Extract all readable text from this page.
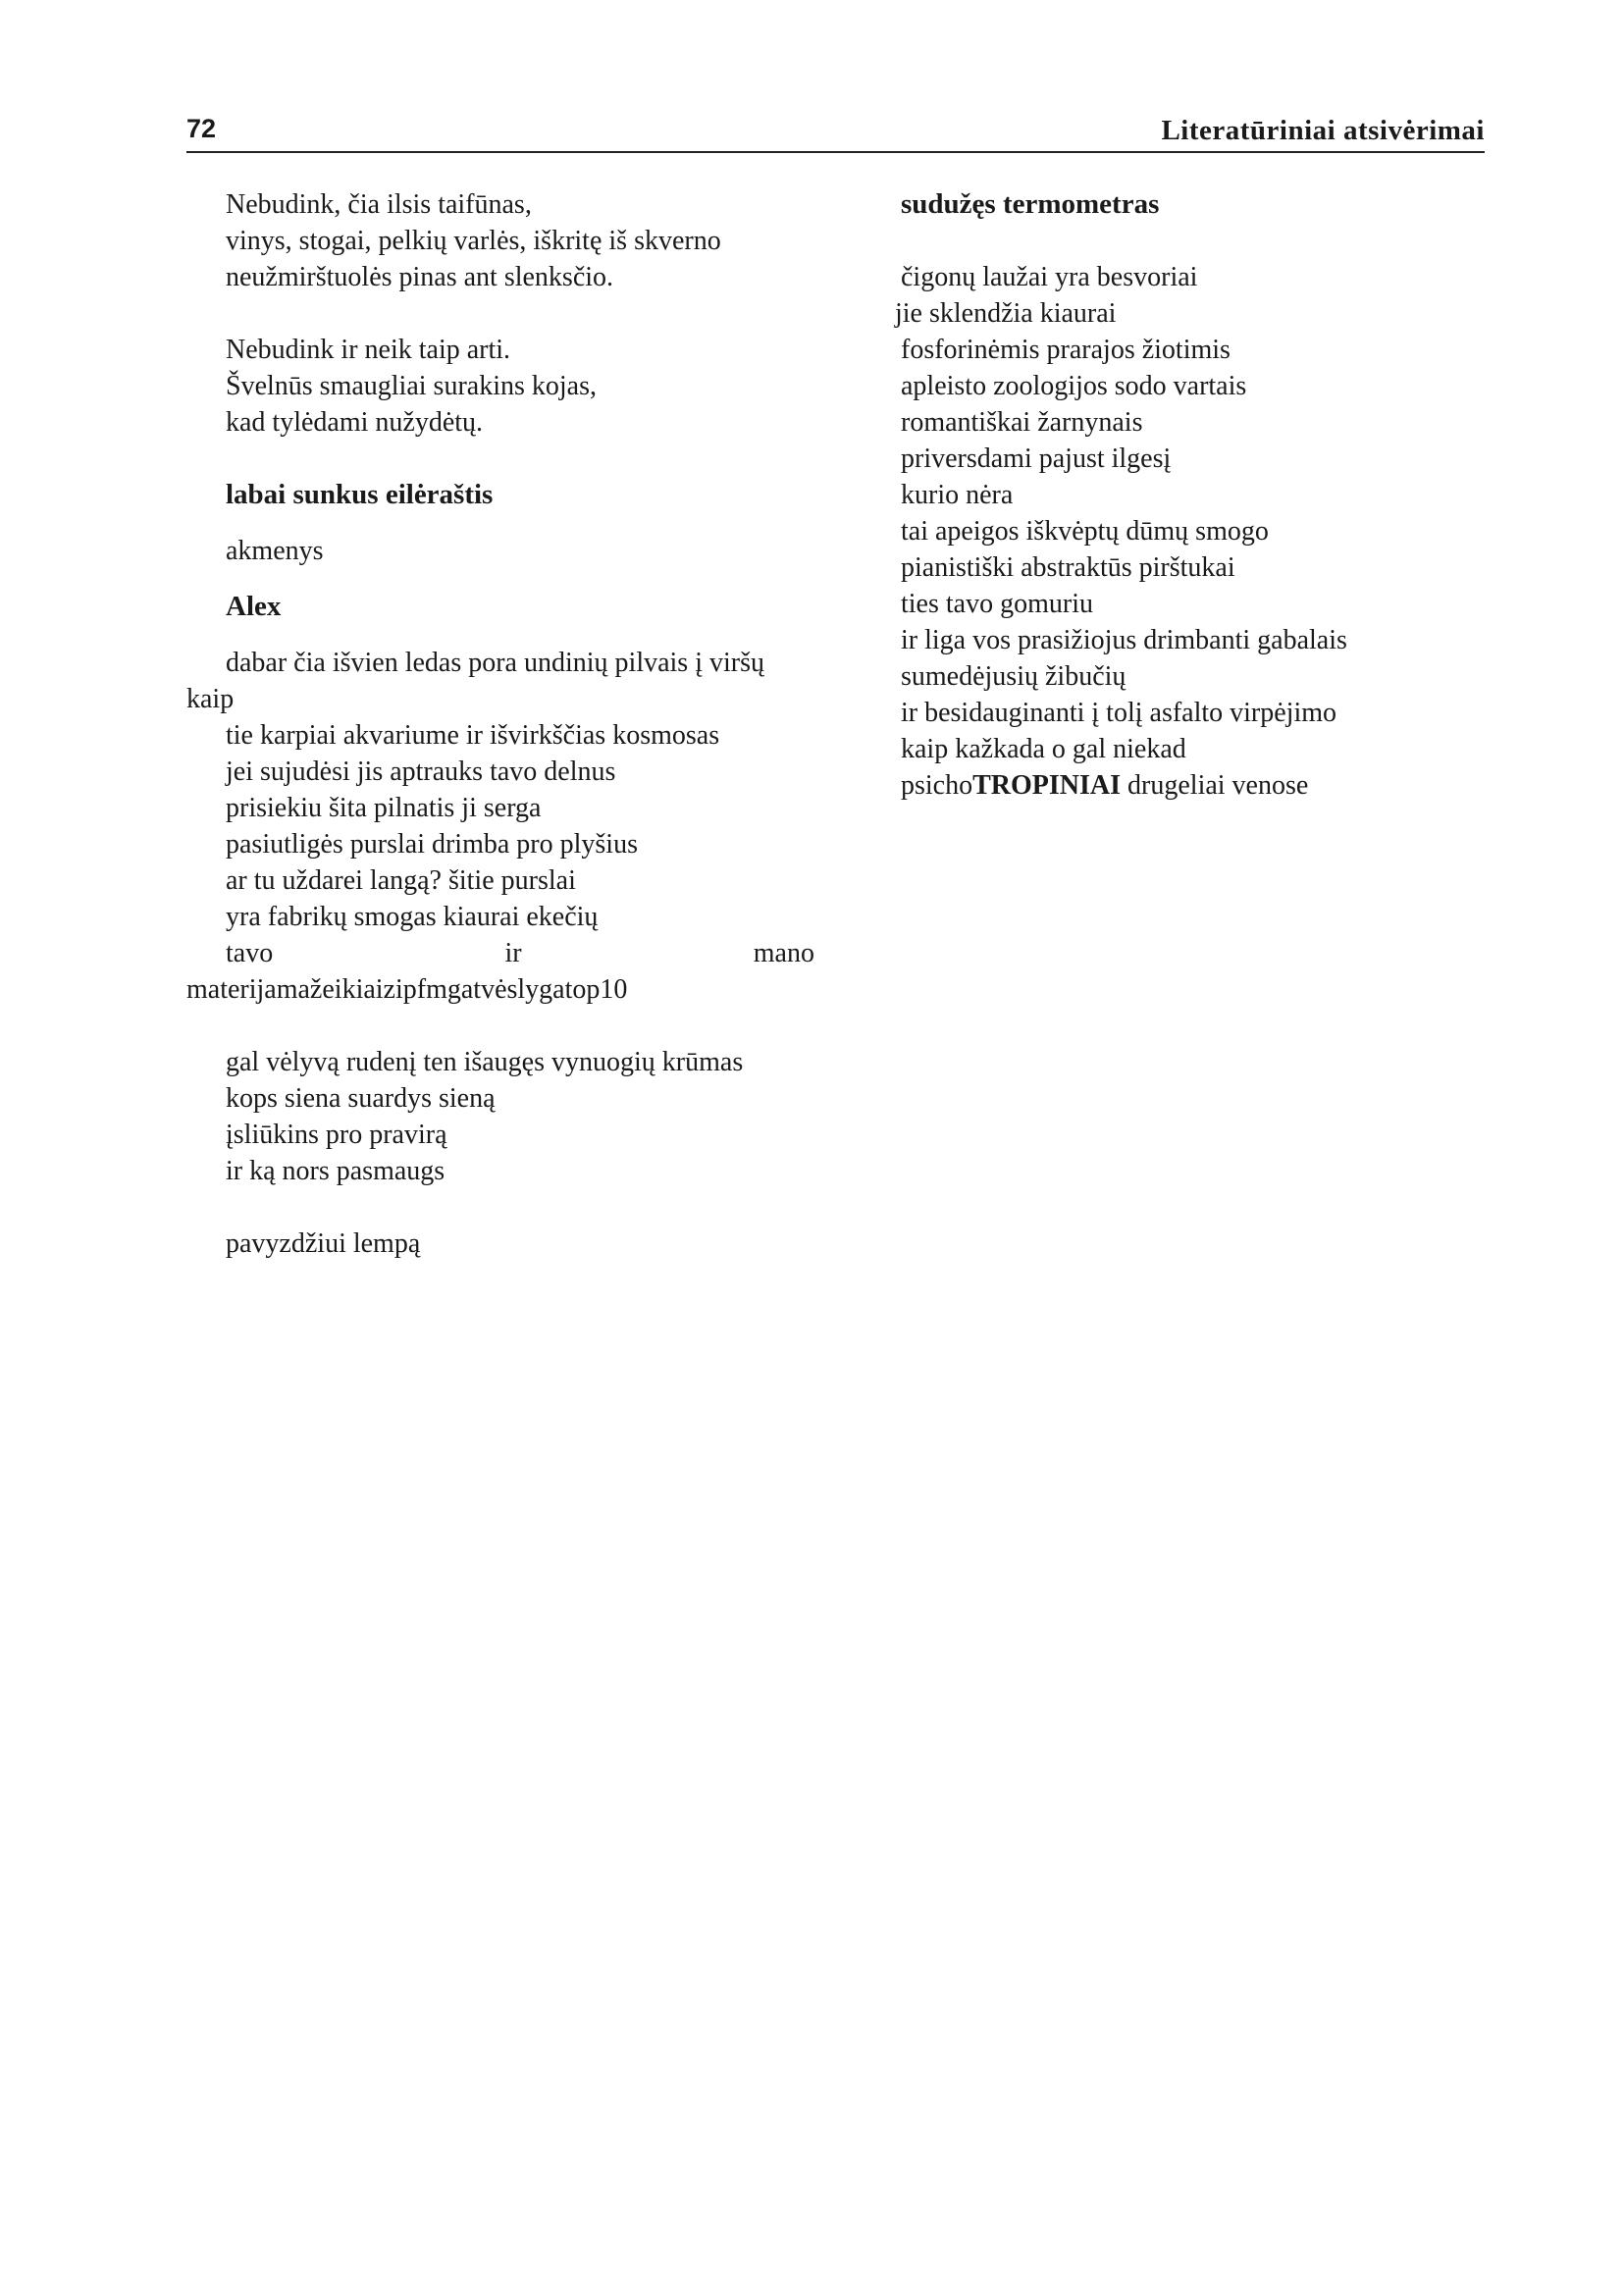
72	Literatūriniai atsivėrimai
Nebudink, čia ilsis taifūnas,
vinys, stogai, pelkių varlės, iškritę iš skverno
neužmirštuolės pinas ant slenksčio.
Nebudink ir neik taip arti.
Švelnūs smaugliai surakins kojas,
kad tylėdami nužydėtų.
labai sunkus eilėraštis
akmenys
Alex
dabar čia išvien ledas pora undinių pilvais į viršų
kaip
tie karpiai akvariume ir išvirkščias kosmosas
jei sujudėsi jis aptrauks tavo delnus
prisiekiu šita pilnatis ji serga
pasiutligės purslai drimba pro plyšius
ar tu uždarei langą? šitie purslai
yra fabrikų smogas kiaurai ekečių
tavo	ir	mano
materijamažeikiaizipfmgatvėslygatop10
gal vėlyvą rudenį ten išaugęs vynuogių krūmas
kops siena suardys sieną
įsliūkins pro pravirą
ir ką nors pasmaugs
pavyzdžiui lempą
sudužęs termometras
čigonų laužai yra besvoriai
jie sklendžia kiaurai
fosforinėmis prarajos žiotimis
apleisto zoologijos sodo vartais
romantiškai žarnynais
priversdami pajust ilgesį
kurio nėra
tai apeigos iškvėptų dūmų smogo
pianistiški abstraktūs pirštukai
ties tavo gomuriu
ir liga vos prasižiojus drimbanti gabalais
sumedėjusių žibučių
ir besidauginanti į tolį asfalto virpėjimo
kaip kažkada o gal niekad
psichoTROPINIAI drugeliai venose
